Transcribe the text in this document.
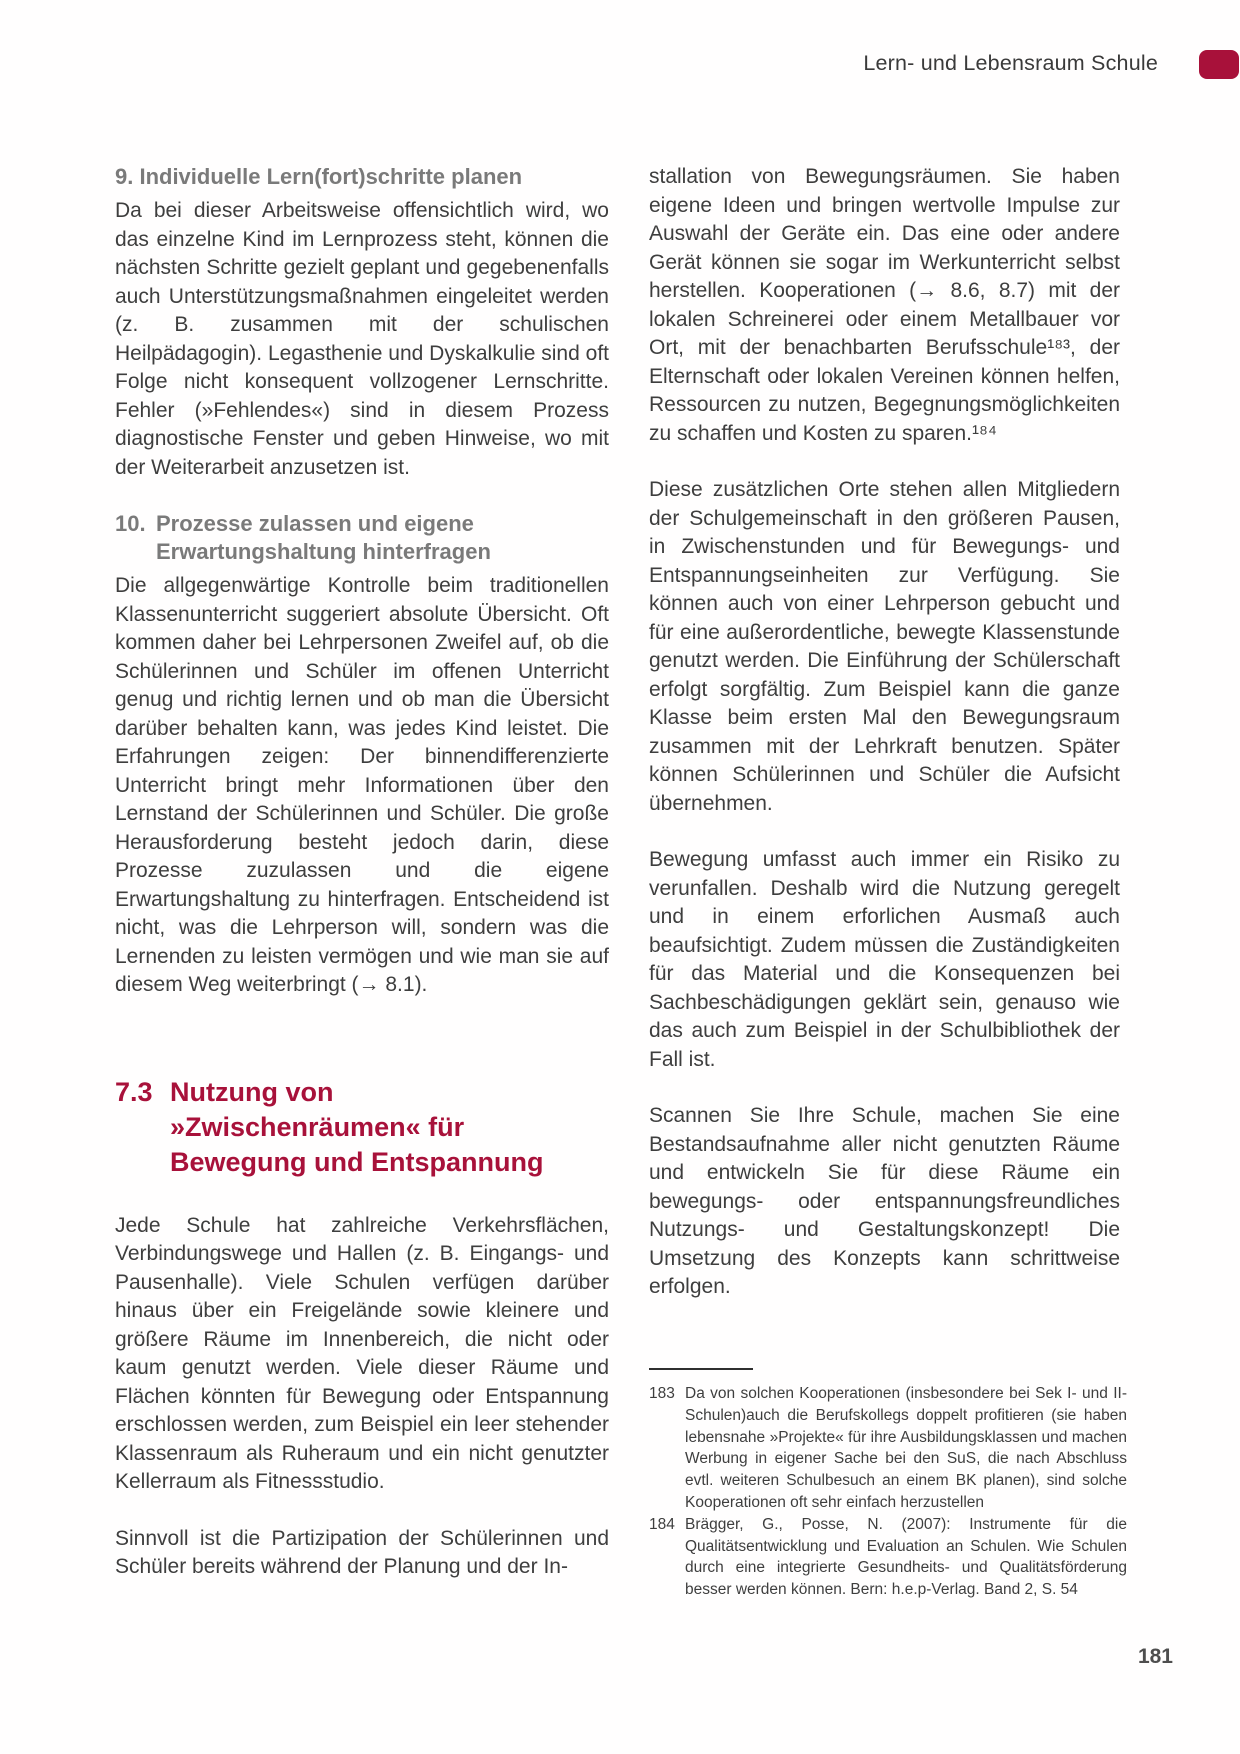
Lern- und Lebensraum Schule
9. Individuelle Lern(fort)schritte planen

Da bei dieser Arbeitsweise offensichtlich wird, wo das einzelne Kind im Lernprozess steht, können die nächsten Schritte gezielt geplant und gegebenenfalls auch Unterstützungsmaßnahmen eingeleitet werden (z. B. zusammen mit der schulischen Heilpädagogin). Legasthenie und Dyskalkulie sind oft Folge nicht konsequent vollzogener Lernschritte. Fehler (»Fehlendes«) sind in diesem Prozess diagnostische Fenster und geben Hinweise, wo mit der Weiterarbeit anzusetzen ist.

10. Prozesse zulassen und eigene Erwartungshaltung hinterfragen

Die allgegenwärtige Kontrolle beim traditionellen Klassenunterricht suggeriert absolute Übersicht. Oft kommen daher bei Lehrpersonen Zweifel auf, ob die Schülerinnen und Schüler im offenen Unterricht genug und richtig lernen und ob man die Übersicht darüber behalten kann, was jedes Kind leistet. Die Erfahrungen zeigen: Der binnendifferenzierte Unterricht bringt mehr Informationen über den Lernstand der Schülerinnen und Schüler. Die große Herausforderung besteht jedoch darin, diese Prozesse zuzulassen und die eigene Erwartungshaltung zu hinterfragen. Entscheidend ist nicht, was die Lehrperson will, sondern was die Lernenden zu leisten vermögen und wie man sie auf diesem Weg weiterbringt (→ 8.1).

7.3 Nutzung von
»Zwischenräumen« für
Bewegung und Entspannung

Jede Schule hat zahlreiche Verkehrsflächen, Verbindungswege und Hallen (z. B. Eingangs- und Pausenhalle). Viele Schulen verfügen darüber hinaus über ein Freigelände sowie kleinere und größere Räume im Innenbereich, die nicht oder kaum genutzt werden. Viele dieser Räume und Flächen könnten für Bewegung oder Entspannung erschlossen werden, zum Beispiel ein leer stehender Klassenraum als Ruheraum und ein nicht genutzter Kellerraum als Fitnessstudio.

Sinnvoll ist die Partizipation der Schülerinnen und Schüler bereits während der Planung und der In-

stallation von Bewegungsräumen. Sie haben eigene Ideen und bringen wertvolle Impulse zur Auswahl der Geräte ein. Das eine oder andere Gerät können sie sogar im Werkunterricht selbst herstellen. Kooperationen (→ 8.6, 8.7) mit der lokalen Schreinerei oder einem Metallbauer vor Ort, mit der benachbarten Berufsschule¹⁸³, der Elternschaft oder lokalen Vereinen können helfen, Ressourcen zu nutzen, Begegnungsmöglichkeiten zu schaffen und Kosten zu sparen.¹⁸⁴

Diese zusätzlichen Orte stehen allen Mitgliedern der Schulgemeinschaft in den größeren Pausen, in Zwischenstunden und für Bewegungs- und Entspannungseinheiten zur Verfügung. Sie können auch von einer Lehrperson gebucht und für eine außerordentliche, bewegte Klassenstunde genutzt werden. Die Einführung der Schülerschaft erfolgt sorgfältig. Zum Beispiel kann die ganze Klasse beim ersten Mal den Bewegungsraum zusammen mit der Lehrkraft benutzen. Später können Schülerinnen und Schüler die Aufsicht übernehmen.

Bewegung umfasst auch immer ein Risiko zu verunfallen. Deshalb wird die Nutzung geregelt und in einem erforlichen Ausmaß auch beaufsichtigt. Zudem müssen die Zuständigkeiten für das Material und die Konsequenzen bei Sachbeschädigungen geklärt sein, genauso wie das auch zum Beispiel in der Schulbibliothek der Fall ist.

Scannen Sie Ihre Schule, machen Sie eine Bestandsaufnahme aller nicht genutzten Räume und entwickeln Sie für diese Räume ein bewegungs- oder entspannungsfreundliches Nutzungs- und Gestaltungskonzept! Die Umsetzung des Konzepts kann schrittweise erfolgen.

183 Da von solchen Kooperationen (insbesondere bei Sek I- und II-Schulen)auch die Berufskollegs doppelt profitieren (sie haben lebensnahe »Projekte« für ihre Ausbildungsklassen und machen Werbung in eigener Sache bei den SuS, die nach Abschluss evtl. weiteren Schulbesuch an einem BK planen), sind solche Kooperationen oft sehr einfach herzustellen
184 Brägger, G., Posse, N. (2007): Instrumente für die Qualitätsentwicklung und Evaluation an Schulen. Wie Schulen durch eine integrierte Gesundheits- und Qualitätsförderung besser werden können. Bern: h.e.p-Verlag. Band 2, S. 54
181
